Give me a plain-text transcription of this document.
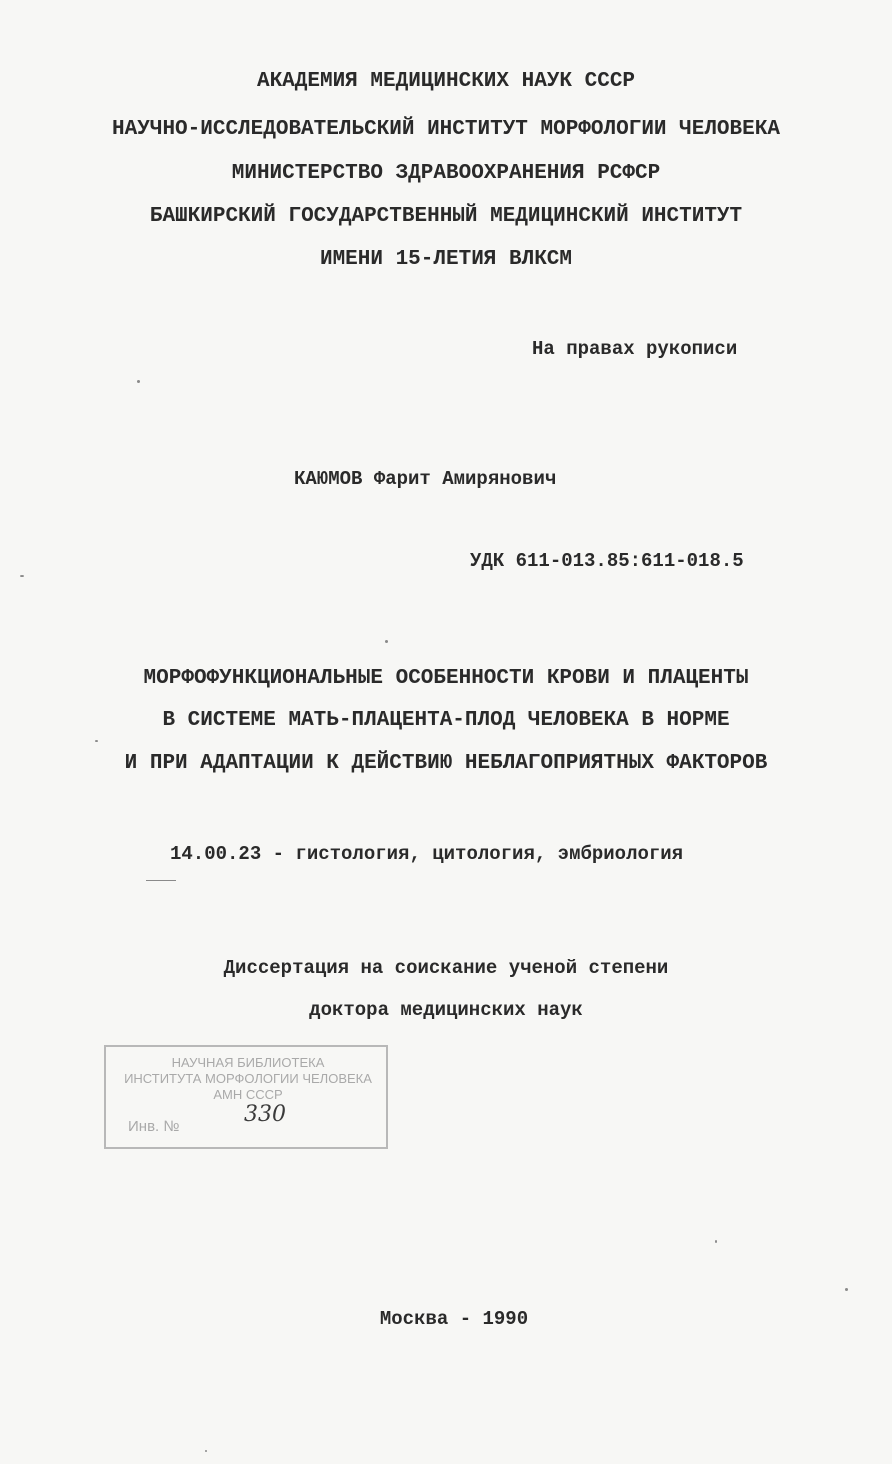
АКАДЕМИЯ МЕДИЦИНСКИХ НАУК СССР
НАУЧНО-ИССЛЕДОВАТЕЛЬСКИЙ ИНСТИТУТ МОРФОЛОГИИ ЧЕЛОВЕКА
МИНИСТЕРСТВО ЗДРАВООХРАНЕНИЯ РСФСР
БАШКИРСКИЙ ГОСУДАРСТВЕННЫЙ МЕДИЦИНСКИЙ ИНСТИТУТ
ИМЕНИ 15-ЛЕТИЯ ВЛКСМ
На правах рукописи
КАЮМОВ Фарит Амирянович
УДК 611-013.85:611-018.5
МОРФОФУНКЦИОНАЛЬНЫЕ ОСОБЕННОСТИ КРОВИ И ПЛАЦЕНТЫ
В СИСТЕМЕ МАТЬ-ПЛАЦЕНТА-ПЛОД ЧЕЛОВЕКА В НОРМЕ
И ПРИ АДАПТАЦИИ К ДЕЙСТВИЮ НЕБЛАГОПРИЯТНЫХ ФАКТОРОВ
14.00.23 - гистология, цитология, эмбриология
Диссертация на соискание ученой степени
доктора медицинских наук
НАУЧНАЯ БИБЛИОТЕКА
ИНСТИТУТА МОРФОЛОГИИ ЧЕЛОВЕКА
АМН СССР
Инв. №	330
Москва - 1990
